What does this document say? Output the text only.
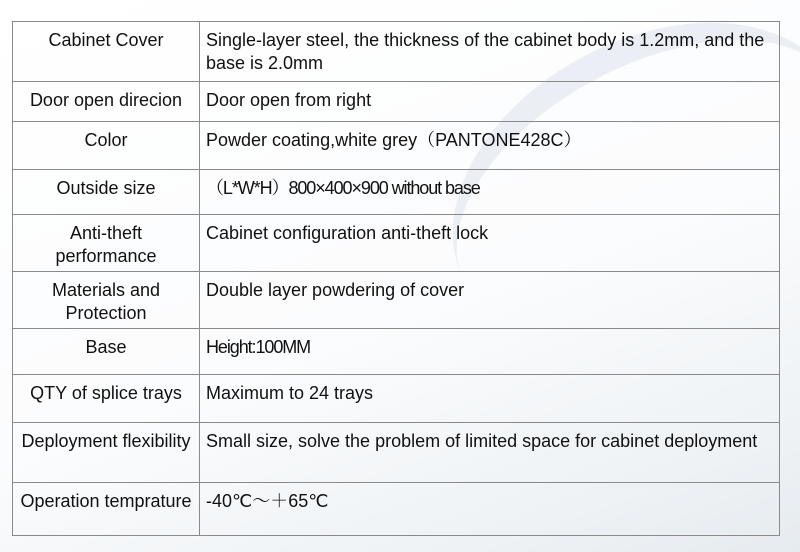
Cabinet Cover	Single-layer steel, the thickness of the cabinet body is 1.2mm, and the base is 2.0mm
Door open direcion	Door open from right
Color	Powder coating,white grey（PANTONE428C）
Outside size	（L*W*H）800×400×900 without base
Anti-theft performance	Cabinet configuration anti-theft lock
Materials and Protection	Double layer powdering of cover
Base	Height:100MM
QTY of splice trays	Maximum to 24 trays
Deployment flexibility	Small size, solve the problem of limited space for cabinet deployment
Operation temprature	-40℃～＋65℃
